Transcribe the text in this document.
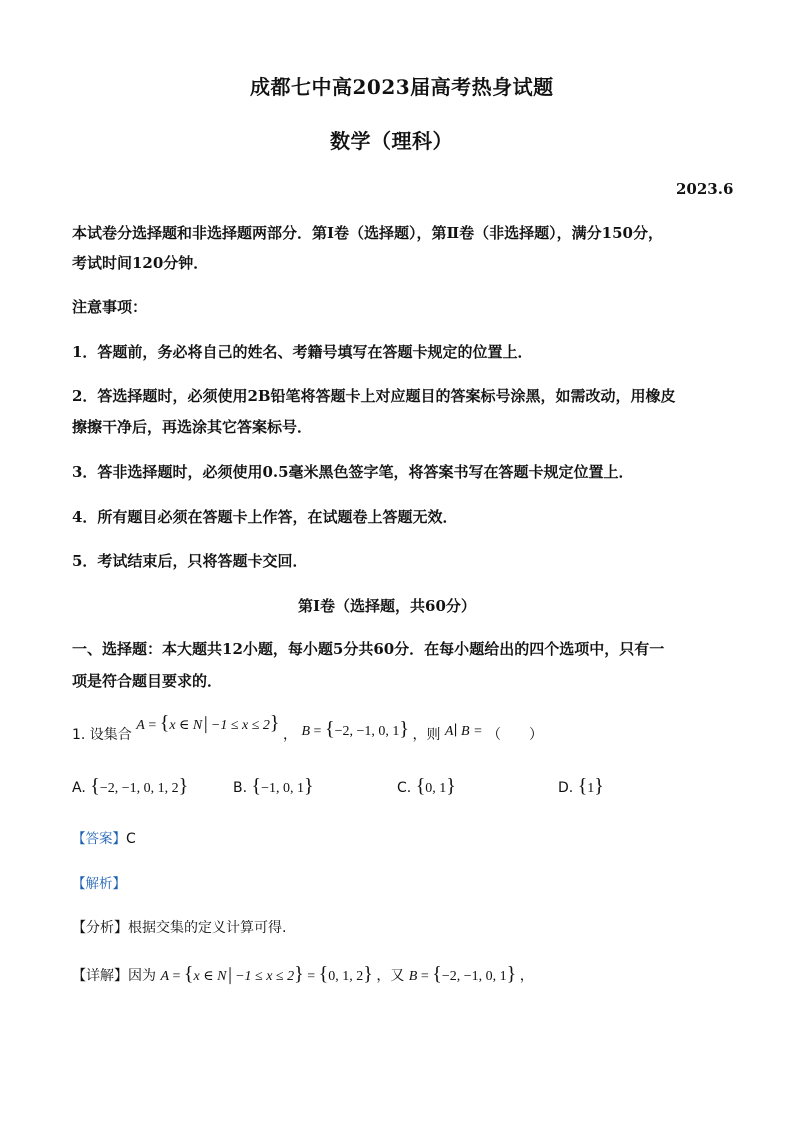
成都七中高2023届高考热身试题
数学（理科）
2023.6
本试卷分选择题和非选择题两部分．第Ⅰ卷（选择题），第Ⅱ卷（非选择题），满分150分，
考试时间120分钟．
注意事项：
1．答题前，务必将自己的姓名、考籍号填写在答题卡规定的位置上．
2．答选择题时，必须使用2B铅笔将答题卡上对应题目的答案标号涂黑，如需改动，用橡皮
擦擦干净后，再选涂其它答案标号．
3．答非选择题时，必须使用0.5毫米黑色签字笔，将答案书写在答题卡规定位置上．
4．所有题目必须在答题卡上作答，在试题卷上答题无效．
5．考试结束后，只将答题卡交回．
第Ⅰ卷（选择题，共60分）
一、选择题：本大题共12小题，每小题5分共60分．在每小题给出的四个选项中，只有一
项是符合题目要求的．
1. 设集合 A = {x ∈ N│−1 ≤ x ≤ 2} ， B = {−2, −1, 0, 1} ，则 A∣ B = （　　）
A. {−2, −1, 0, 1, 2}	B. {−1, 0, 1}	C. {0, 1}	D. {1}
【答案】C
【解析】
【分析】根据交集的定义计算可得.
【详解】因为 A = {x ∈ N│−1 ≤ x ≤ 2} = {0, 1, 2} ，又 B = {−2, −1, 0, 1} ，
